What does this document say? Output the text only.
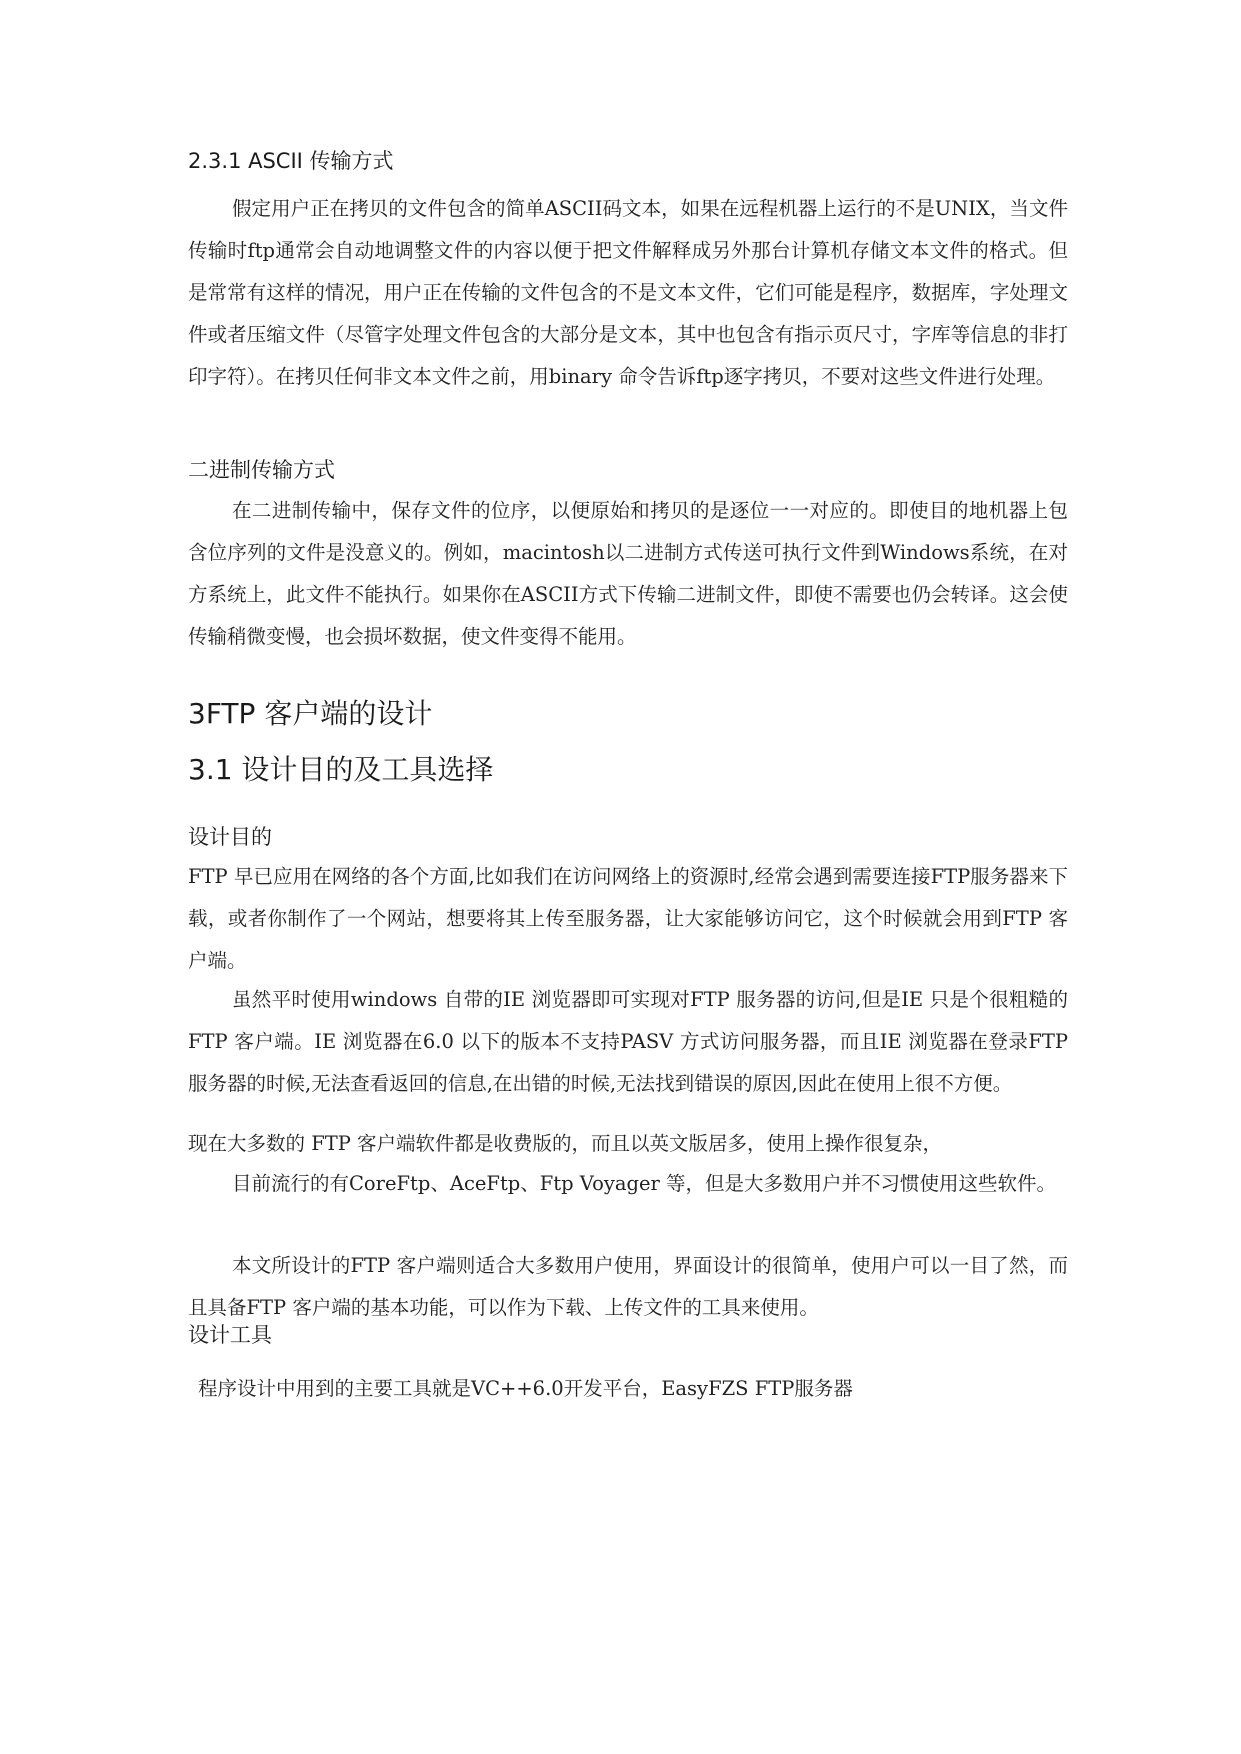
2.3.1 ASCII 传输方式

假定用户正在拷贝的文件包含的简单ASCII码文本，如果在远程机器上运行的不是UNIX，当文件传输时ftp通常会自动地调整文件的内容以便于把文件解释成另外那台计算机存储文本文件的格式。但是常常有这样的情况，用户正在传输的文件包含的不是文本文件，它们可能是程序，数据库，字处理文件或者压缩文件（尽管字处理文件包含的大部分是文本，其中也包含有指示页尺寸，字库等信息的非打印字符）。在拷贝任何非文本文件之前，用binary 命令告诉ftp逐字拷贝，不要对这些文件进行处理。

二进制传输方式

在二进制传输中，保存文件的位序，以便原始和拷贝的是逐位一一对应的。即使目的地机器上包含位序列的文件是没意义的。例如，macintosh以二进制方式传送可执行文件到Windows系统，在对方系统上，此文件不能执行。如果你在ASCII方式下传输二进制文件，即使不需要也仍会转译。这会使传输稍微变慢，也会损坏数据，使文件变得不能用。

3FTP 客户端的设计
3.1 设计目的及工具选择
设计目的

FTP 早已应用在网络的各个方面,比如我们在访问网络上的资源时,经常会遇到需要连接FTP服务器来下载，或者你制作了一个网站，想要将其上传至服务器，让大家能够访问它，这个时候就会用到FTP 客户端。

虽然平时使用windows 自带的IE 浏览器即可实现对FTP 服务器的访问,但是IE 只是个很粗糙的FTP 客户端。IE 浏览器在6.0 以下的版本不支持PASV 方式访问服务器，而且IE 浏览器在登录FTP 服务器的时候,无法查看返回的信息,在出错的时候,无法找到错误的原因,因此在使用上很不方便。

现在大多数的 FTP 客户端软件都是收费版的，而且以英文版居多，使用上操作很复杂，

目前流行的有CoreFtp、AceFtp、Ftp Voyager 等，但是大多数用户并不习惯使用这些软件。

本文所设计的FTP 客户端则适合大多数用户使用，界面设计的很简单，使用户可以一目了然，而且具备FTP 客户端的基本功能，可以作为下载、上传文件的工具来使用。

设计工具

程序设计中用到的主要工具就是VC++6.0开发平台，EasyFZS FTP服务器
